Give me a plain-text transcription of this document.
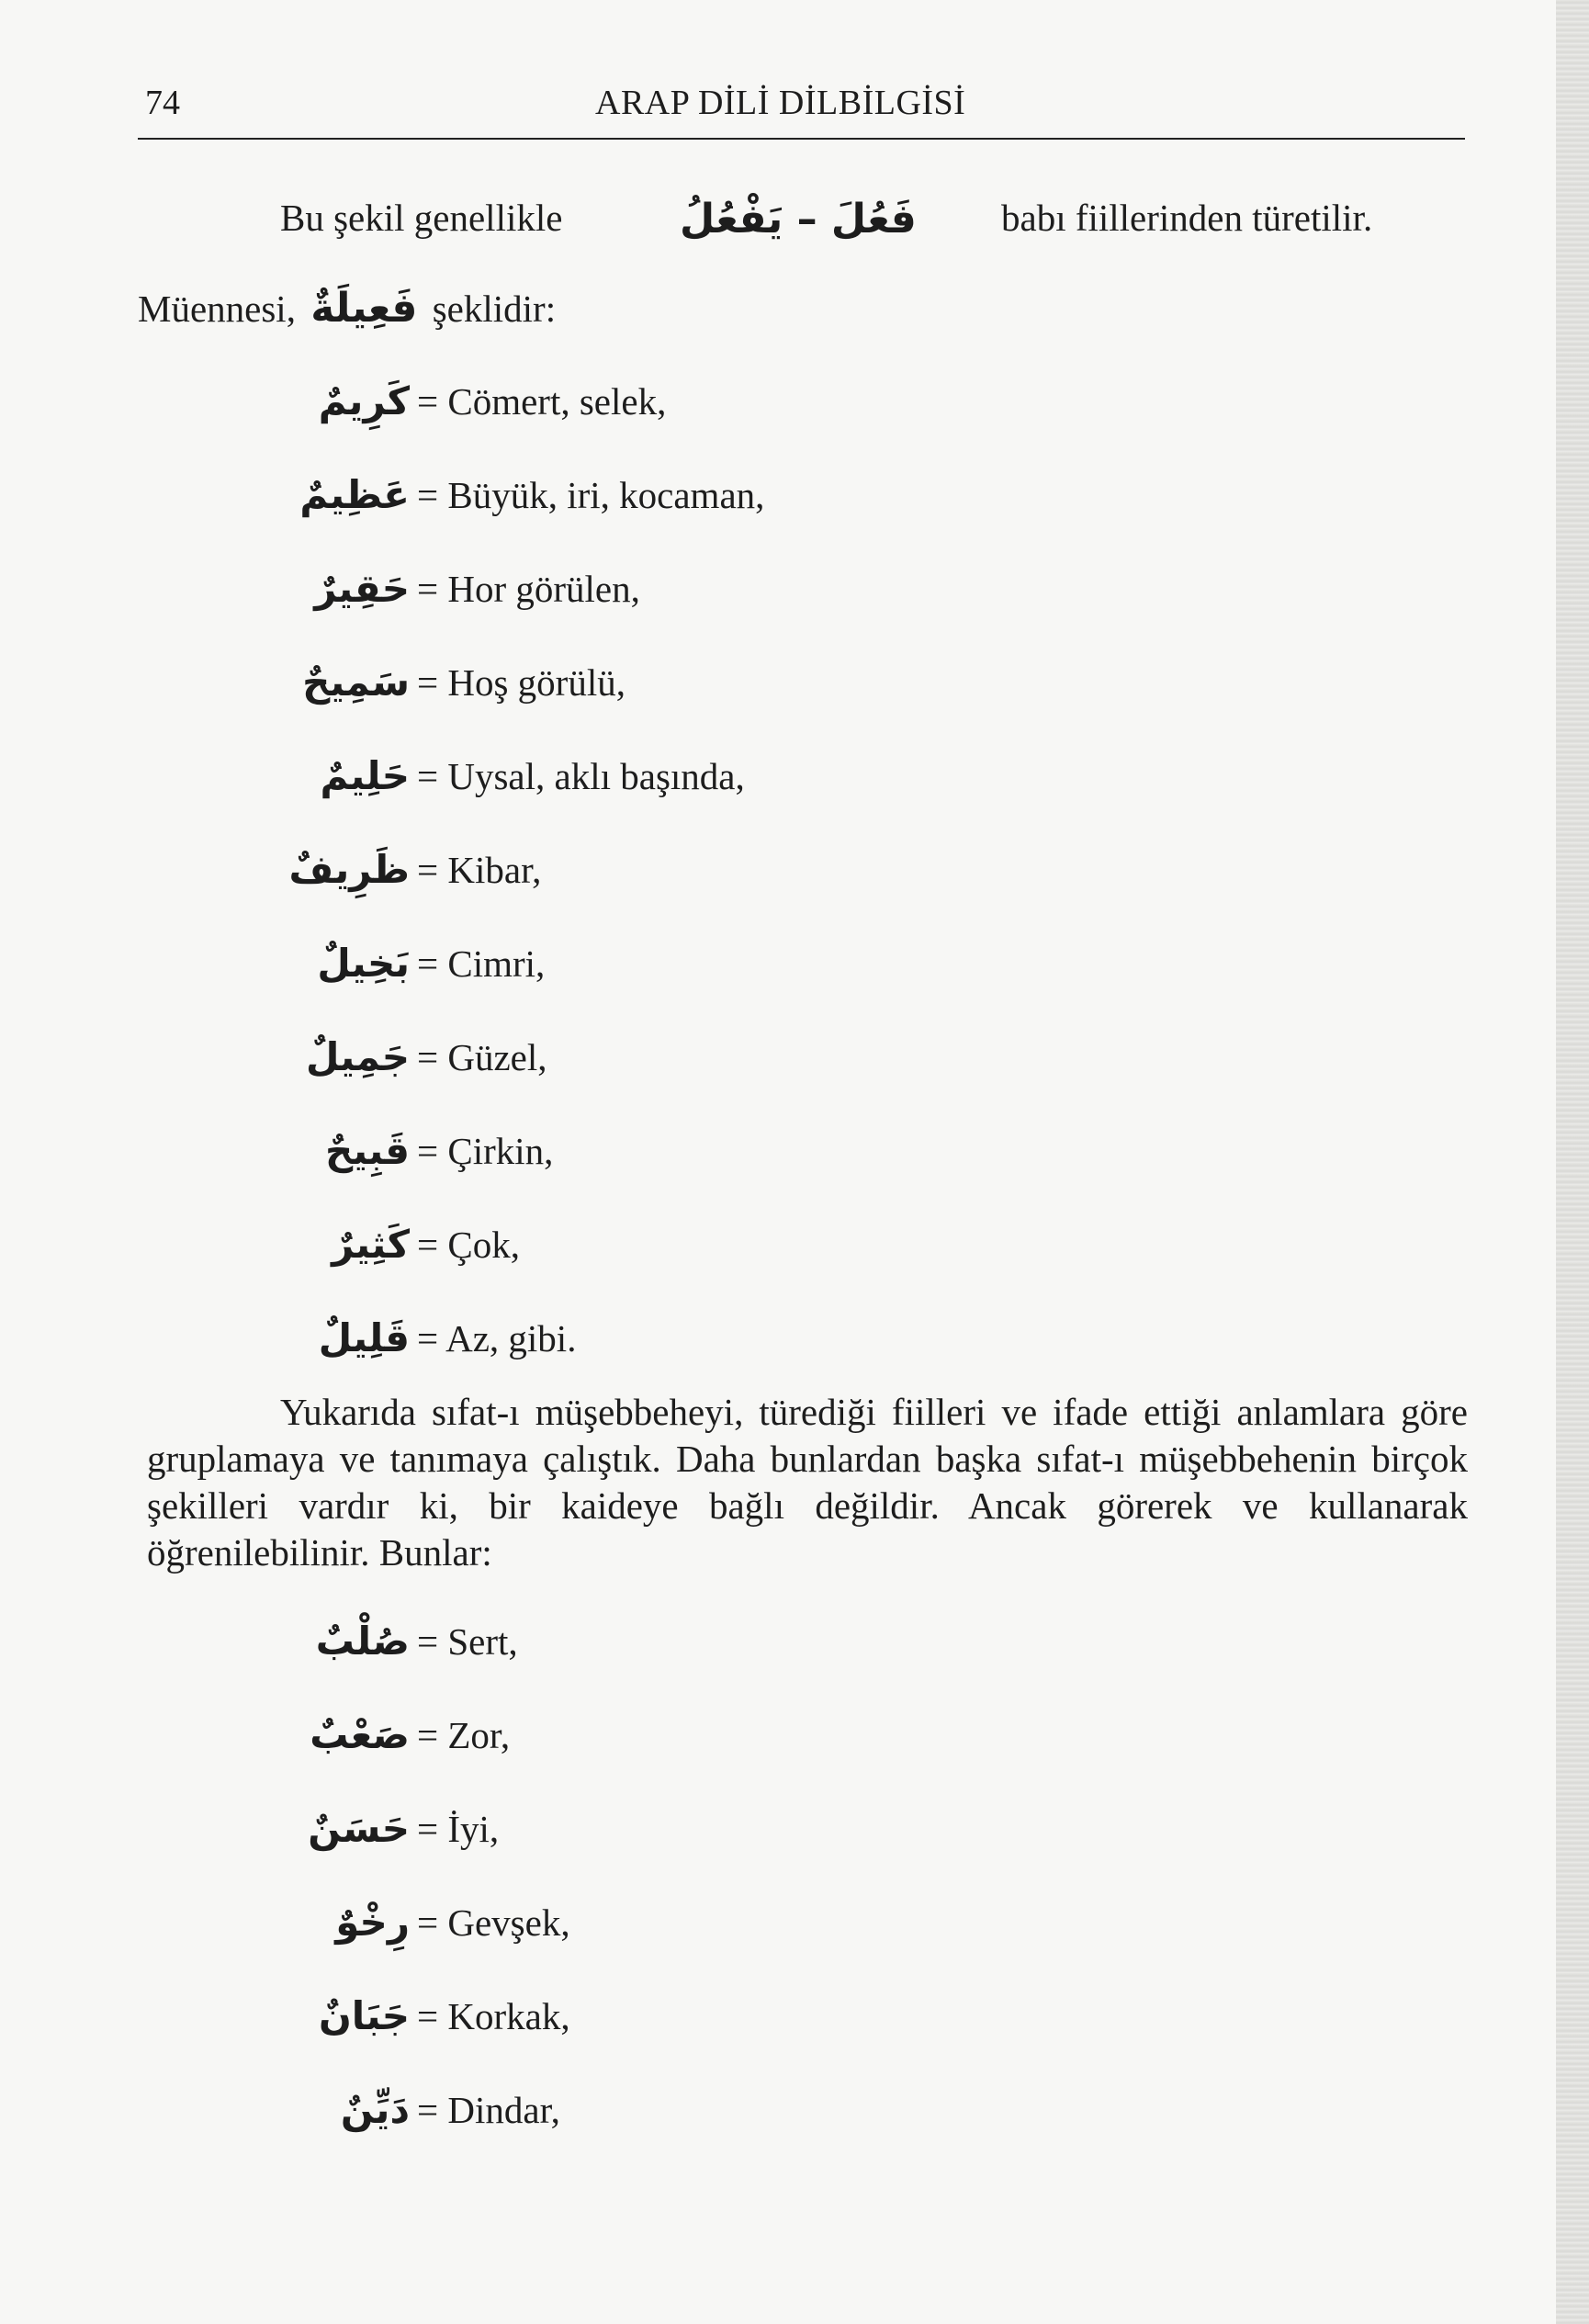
74	ARAP DİLİ DİLBİLGİSİ
Bu şekil genellikle	فَعُلَ – يَفْعُلُ babı fiillerinden türetilir.
Müennesi, فَعِيلَةٌ şeklidir:
كَرِيمٌ = Cömert, selek,
عَظِيمٌ = Büyük, iri, kocaman,
حَقِيرٌ = Hor görülen,
سَمِيحٌ = Hoş görülü,
حَلِيمٌ = Uysal, aklı başında,
ظَرِيفٌ = Kibar,
بَخِيلٌ = Cimri,
جَمِيلٌ = Güzel,
قَبِيحٌ = Çirkin,
كَثِيرٌ = Çok,
قَلِيلٌ = Az, gibi.

Yukarıda sıfat-ı müşebbeheyi, türediği fiilleri ve ifade ettiği anlamlara göre gruplamaya ve tanımaya çalıştık. Daha bunlardan başka sıfat-ı müşebbehenin birçok şekilleri vardır ki, bir kaideye bağlı değildir. Ancak görerek ve kullanarak öğrenilebilinir. Bunlar:

صُلْبٌ = Sert,
صَعْبٌ = Zor,
حَسَنٌ = İyi,
رِخْوٌ = Gevşek,
جَبَانٌ = Korkak,
دَيِّنٌ = Dindar,
